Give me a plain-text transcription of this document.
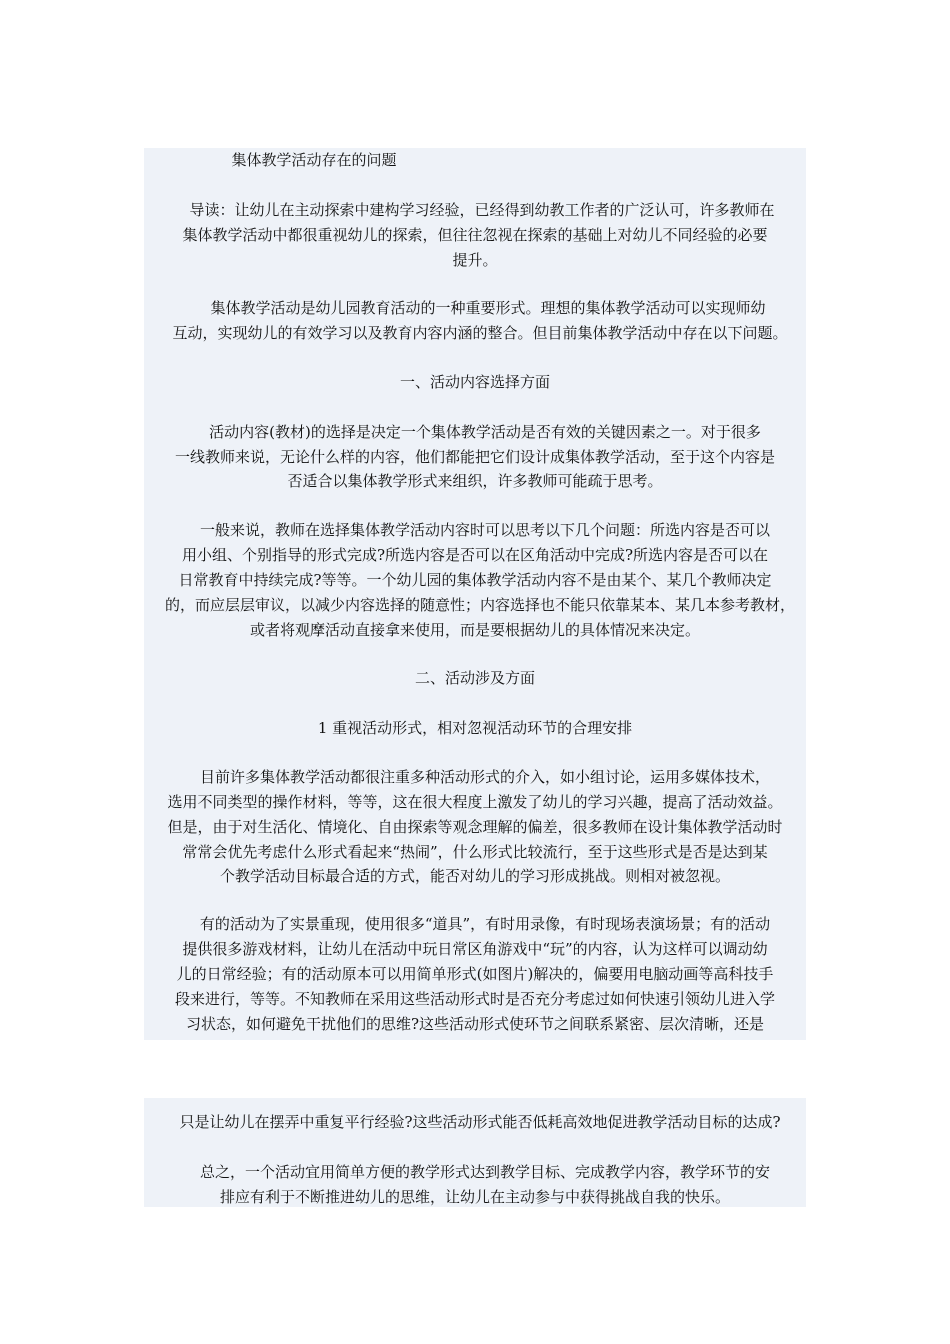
集体教学活动存在的问题
导读：让幼儿在主动探索中建构学习经验，已经得到幼教工作者的广泛认可，许多教师在
集体教学活动中都很重视幼儿的探索，但往往忽视在探索的基础上对幼儿不同经验的必要
提升。
集体教学活动是幼儿园教育活动的一种重要形式。理想的集体教学活动可以实现师幼
互动，实现幼儿的有效学习以及教育内容内涵的整合。但目前集体教学活动中存在以下问题。
一、活动内容选择方面
活动内容(教材)的选择是决定一个集体教学活动是否有效的关键因素之一。对于很多
一线教师来说，无论什么样的内容，他们都能把它们设计成集体教学活动，至于这个内容是
否适合以集体教学形式来组织，许多教师可能疏于思考。
一般来说，教师在选择集体教学活动内容时可以思考以下几个问题：所选内容是否可以
用小组、个别指导的形式完成?所选内容是否可以在区角活动中完成?所选内容是否可以在
日常教育中持续完成?等等。一个幼儿园的集体教学活动内容不是由某个、某几个教师决定
的，而应层层审议，以减少内容选择的随意性；内容选择也不能只依靠某本、某几本参考教材，
或者将观摩活动直接拿来使用，而是要根据幼儿的具体情况来决定。
二、活动涉及方面
1 重视活动形式，相对忽视活动环节的合理安排
目前许多集体教学活动都很注重多种活动形式的介入，如小组讨论，运用多媒体技术，
选用不同类型的操作材料，等等，这在很大程度上激发了幼儿的学习兴趣，提高了活动效益。
但是，由于对生活化、情境化、自由探索等观念理解的偏差，很多教师在设计集体教学活动时
常常会优先考虑什么形式看起来“热闹”，什么形式比较流行，至于这些形式是否是达到某
个教学活动目标最合适的方式，能否对幼儿的学习形成挑战。则相对被忽视。
有的活动为了实景重现，使用很多“道具”，有时用录像，有时现场表演场景；有的活动
提供很多游戏材料，让幼儿在活动中玩日常区角游戏中“玩”的内容，认为这样可以调动幼
儿的日常经验；有的活动原本可以用简单形式(如图片)解决的，偏要用电脑动画等高科技手
段来进行，等等。不知教师在采用这些活动形式时是否充分考虑过如何快速引领幼儿进入学
习状态，如何避免干扰他们的思维?这些活动形式使环节之间联系紧密、层次清晰，还是
只是让幼儿在摆弄中重复平行经验?这些活动形式能否低耗高效地促进教学活动目标的达成?
总之，一个活动宜用简单方便的教学形式达到教学目标、完成教学内容，教学环节的安
排应有利于不断推进幼儿的思维，让幼儿在主动参与中获得挑战自我的快乐。
